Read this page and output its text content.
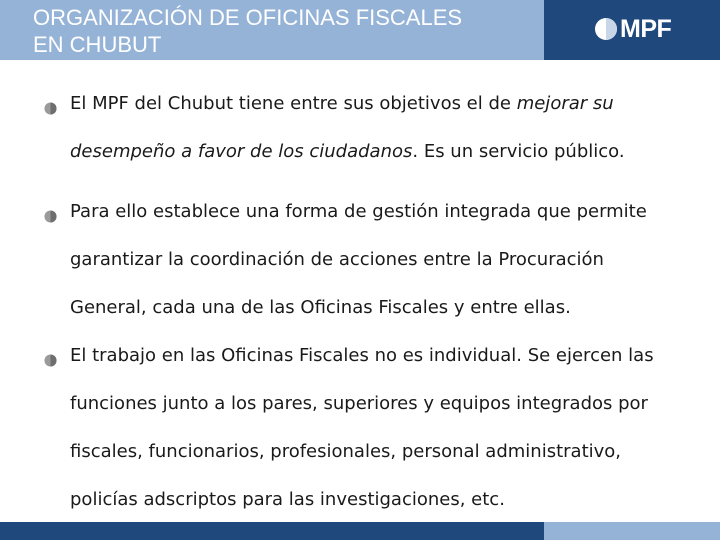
ORGANIZACIÓN DE OFICINAS FISCALES
EN CHUBUT
MPF
El MPF del Chubut tiene entre sus objetivos el de mejorar su desempeño a favor de los ciudadanos. Es un servicio público.
Para ello establece una forma de gestión integrada que permite garantizar la coordinación de acciones entre la Procuración General, cada una de las Oficinas Fiscales y entre ellas.
El trabajo en las Oficinas Fiscales no es individual. Se ejercen las funciones junto a los pares, superiores y equipos integrados por fiscales, funcionarios, profesionales, personal administrativo, policías adscriptos para las investigaciones, etc.
